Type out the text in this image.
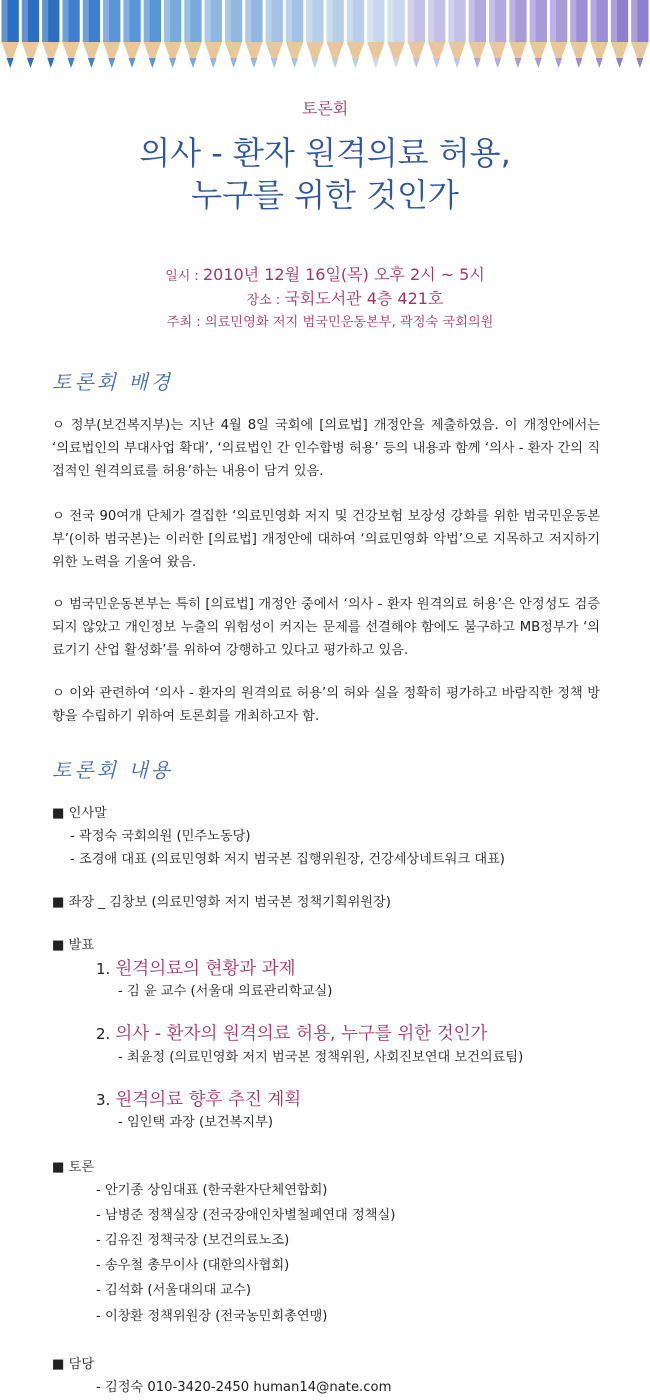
토론회
의사 - 환자 원격의료 허용,
누구를 위한 것인가
일시 : 2010년 12월 16일(목) 오후 2시 ~ 5시
장소 : 국회도서관 4층 421호
주최 : 의료민영화 저지 범국민운동본부, 곽정숙 국회의원
토론회 배경
ㅇ 정부(보건복지부)는 지난 4월 8일 국회에 [의료법] 개정안을 제출하였음. 이 개정안에서는 ‘의료법인의 부대사업 확대’, ‘의료법인 간 인수합병 허용’ 등의 내용과 함께 ‘의사 - 환자 간의 직접적인 원격의료를 허용’하는 내용이 담겨 있음.
ㅇ 전국 90여개 단체가 결집한 ‘의료민영화 저지 및 건강보험 보장성 강화를 위한 범국민운동본부’(이하 범국본)는 이러한 [의료법] 개정안에 대하여 ‘의료민영화 악법’으로 지목하고 저지하기 위한 노력을 기울여 왔음.
ㅇ 범국민운동본부는 특히 [의료법] 개정안 중에서 ‘의사 - 환자 원격의료 허용’은 안정성도 검증되지 않았고 개인정보 누출의 위험성이 커지는 문제를 선결해야 함에도 불구하고 MB정부가 ‘의료기기 산업 활성화’를 위하여 강행하고 있다고 평가하고 있음.
ㅇ 이와 관련하여 ‘의사 - 환자의 원격의료 허용’의 허와 실을 정확히 평가하고 바람직한 정책 방향을 수립하기 위하여 토론회를 개최하고자 함.
토론회 내용
■ 인사말
- 곽정숙 국회의원 (민주노동당)
- 조경애 대표 (의료민영화 저지 범국본 집행위원장, 건강세상네트워크 대표)
■ 좌장 _ 김창보 (의료민영화 저지 범국본 정책기획위원장)
■ 발표
1. 원격의료의 현황과 과제
- 김 윤 교수 (서울대 의료관리학교실)
2. 의사 - 환자의 원격의료 허용, 누구를 위한 것인가
- 최윤정 (의료민영화 저지 범국본 정책위원, 사회진보연대 보건의료팀)
3. 원격의료 향후 추진 계획
- 임인택 과장 (보건복지부)
■ 토론
- 안기종 상임대표 (한국환자단체연합회)
- 남병준 정책실장 (전국장애인차별철폐연대 정책실)
- 김유진 정책국장 (보건의료노조)
- 송우철 총무이사 (대한의사협회)
- 김석화 (서울대의대 교수)
- 이창환 정책위원장 (전국농민회총연맹)
■ 담당
- 김정숙 010-3420-2450 human14@nate.com
